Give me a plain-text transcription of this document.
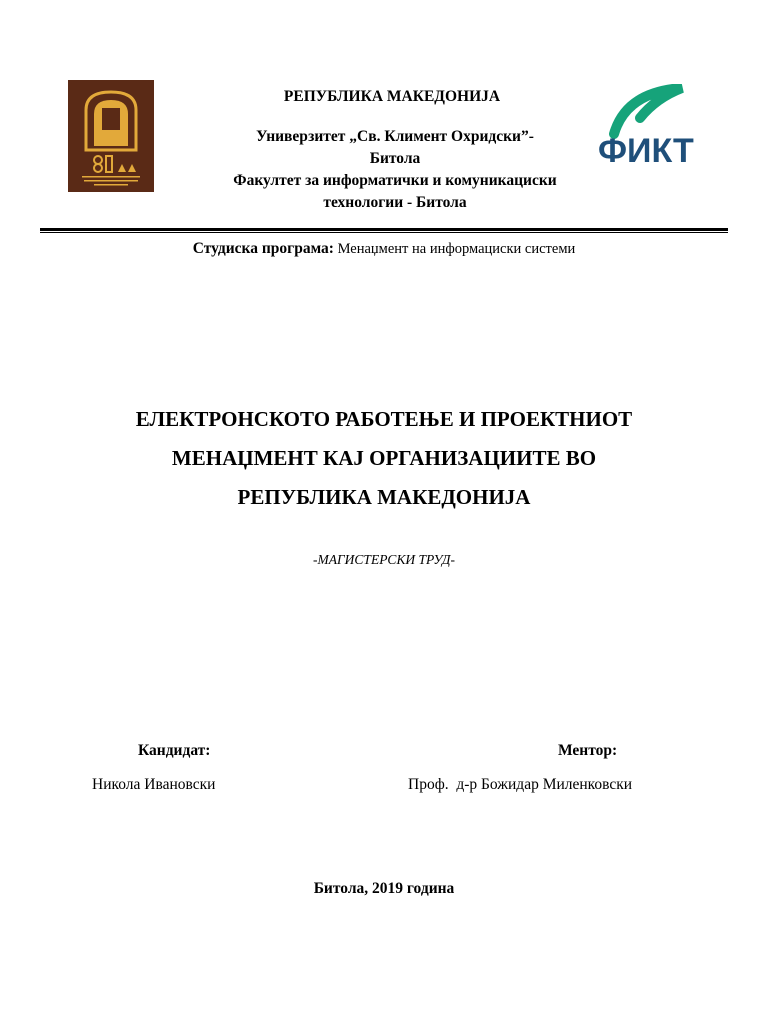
ФИКТ
РЕПУБЛИКА МАКЕДОНИЈА
Универзитет „Св. Климент Охридски”-
Битола
Факултет за информатички и комуникациски
технологии - Битола
Студиска програма: Менаџмент на информациски системи
ЕЛЕКТРОНСКОТО РАБОТЕЊЕ И ПРОЕКТНИОТ
МЕНАЏМЕНТ КАЈ ОРГАНИЗАЦИИТЕ ВО
РЕПУБЛИКА МАКЕДОНИЈА
-МАГИСТЕРСКИ ТРУД-
Кандидат:	Ментор:
Никола Ивановски	Проф.  д-р Божидар Миленковски
Битола, 2019 година
